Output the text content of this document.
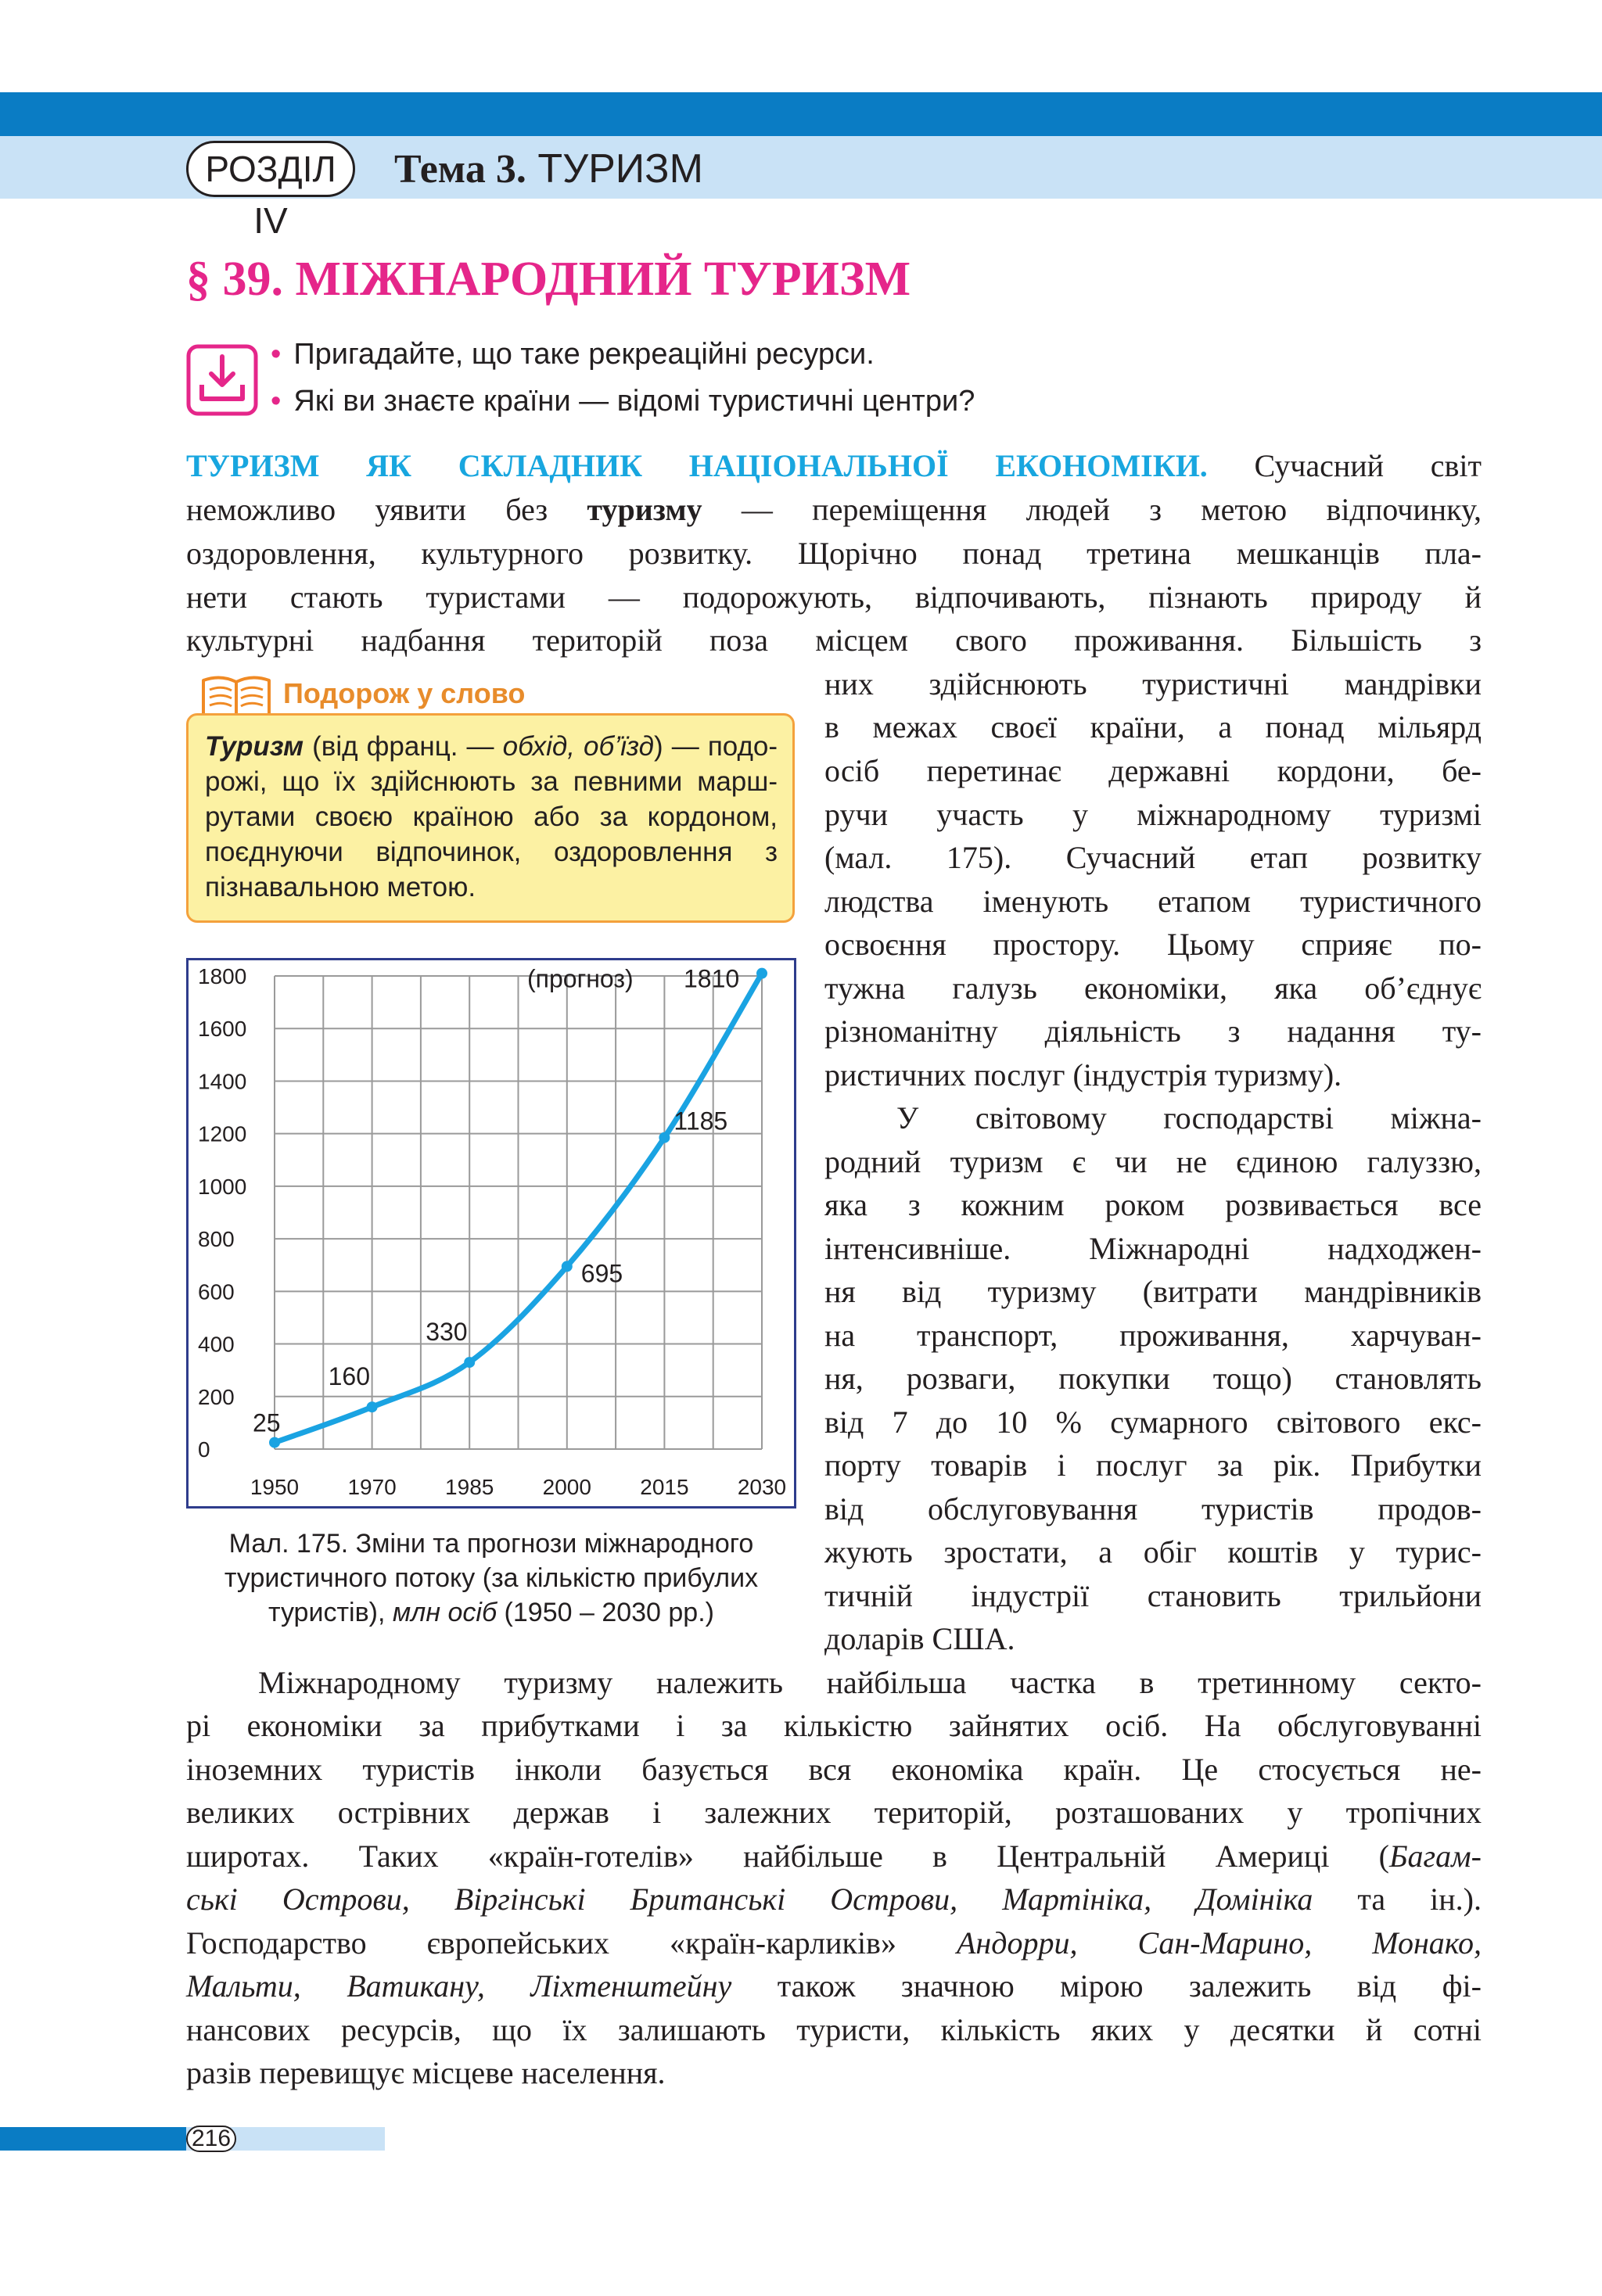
РОЗДІЛ IV
Тема 3. ТУРИЗМ
§ 39. МІЖНАРОДНИЙ ТУРИЗМ
• Пригадайте, що таке рекреаційні ресурси.
• Які ви знаєте країни — відомі туристичні центри?
ТУРИЗМ ЯК СКЛАДНИК НАЦІОНАЛЬНОЇ ЕКОНОМІКИ. Сучасний світ
неможливо уявити без туризму — переміщення людей з метою відпочинку,
оздоровлення, культурного розвитку. Щорічно понад третина мешканців пла-
нети стають туристами — подорожують, відпочивають, пізнають природу й
культурні надбання територій поза місцем свого проживання. Більшість з
них здійснюють туристичні мандрівки
в межах своєї країни, а понад мільярд
осіб перетинає державні кордони, бе-
ручи участь у міжнародному туризмі
(мал. 175). Сучасний етап розвитку
людства іменують етапом туристичного
освоєння простору. Цьому сприяє по-
тужна галузь економіки, яка об’єднує
різноманітну діяльність з надання ту-
ристичних послуг (індустрія туризму).
У світовому господарстві міжна-
родний туризм є чи не єдиною галуззю,
яка з кожним роком розвивається все
інтенсивніше. Міжнародні надходжен-
ня від туризму (витрати мандрівників
на транспорт, проживання, харчуван-
ня, розваги, покупки тощо) становлять
від 7 до 10 % сумарного світового екс-
порту товарів і послуг за рік. Прибутки
від обслуговування туристів продов-
жують зростати, а обіг коштів у турис-
тичній індустрії становить трильйони
доларів США.
Подорож у слово
Туризм (від франц. — обхід, об’їзд) — подо-
рожі, що їх здійснюють за певними марш-
рутами своєю країною або за кордоном,
поєднуючи відпочинок, оздоровлення з
пізнавальною метою.
0
200
400
600
800
1000
1200
1400
1600
1800
1950 1970 1985 2000 2015 2030
25
160
330
695
1185
1810
(прогноз)
Мал. 175. Зміни та прогнози міжнародного
туристичного потоку (за кількістю прибулих
туристів), млн осіб (1950 – 2030 рр.)
Міжнародному туризму належить найбільша частка в третинному секто-
рі економіки за прибутками і за кількістю зайнятих осіб. На обслуговуванні
іноземних туристів інколи базується вся економіка країн. Це стосується не-
великих острівних держав і залежних територій, розташованих у тропічних
широтах. Таких «країн-готелів» найбільше в Центральній Америці (Багам-
ські Острови, Віргінські Британські Острови, Мартініка, Домініка та ін.).
Господарство європейських «країн-карликів» Андорри, Сан-Марино, Монако,
Мальти, Ватикану, Ліхтенштейну також значною мірою залежить від фі-
нансових ресурсів, що їх залишають туристи, кількість яких у десятки й сотні
разів перевищує місцеве населення.
216
